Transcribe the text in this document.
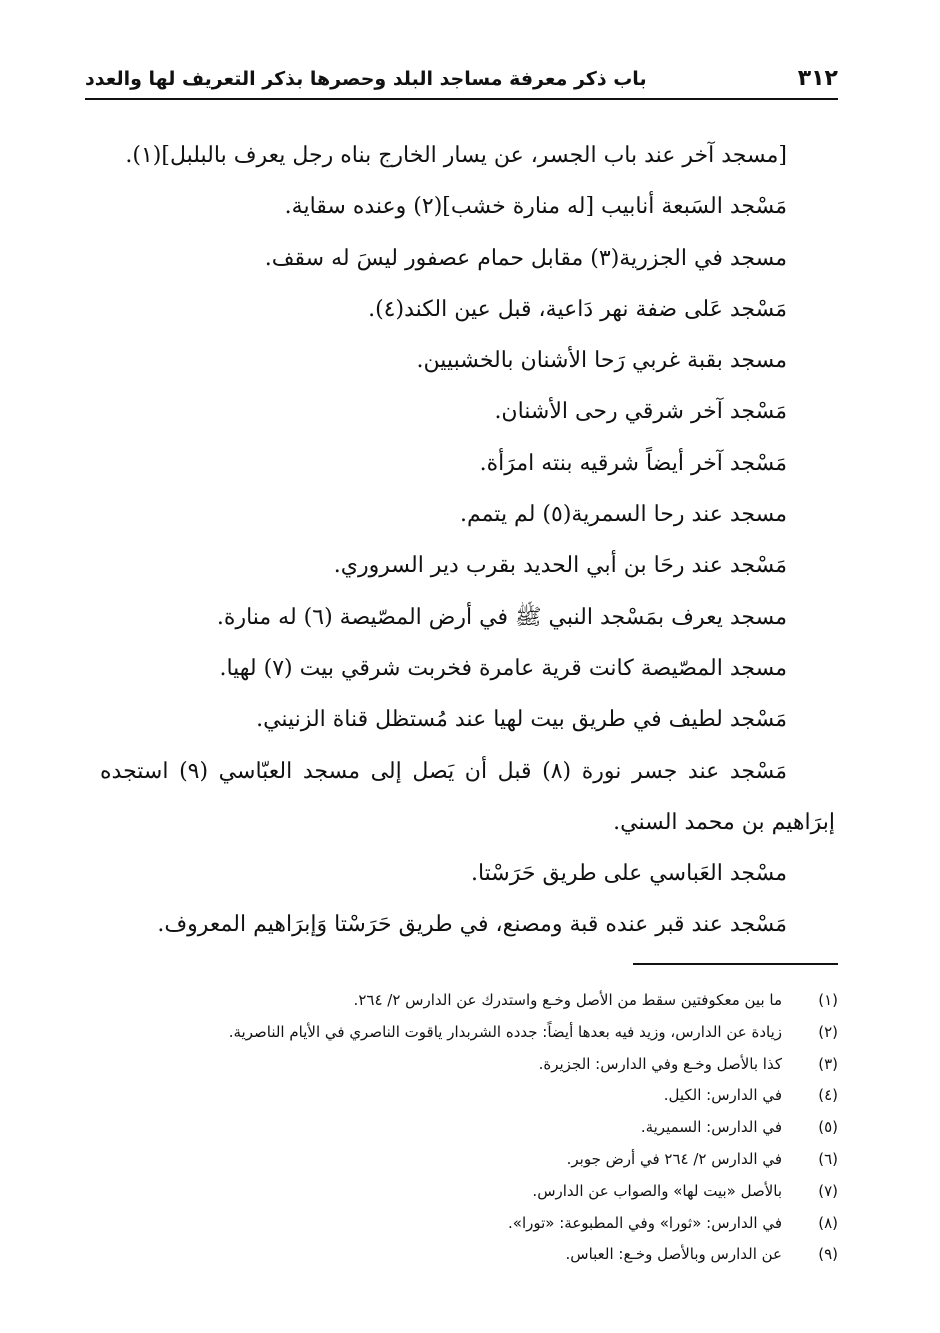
٣١٢
باب ذكر معرفة مساجد البلد وحصرها بذكر التعريف لها والعدد
[مسجد آخر عند باب الجسر، عن يسار الخارج بناه رجل يعرف بالبلبل](١).
مَسْجد السَبعة أنابيب [له منارة خشب](٢) وعنده سقاية.
مسجد في الجزرية(٣) مقابل حمام عصفور ليسَ له سقف.
مَسْجد عَلى ضفة نهر دَاعية، قبل عين الكند(٤).
مسجد بقبة غربي رَحا الأشنان بالخشبيين.
مَسْجد آخر شرقي رحى الأشنان.
مَسْجد آخر أيضاً شرقيه بنته امرَأة.
مسجد عند رحا السمرية(٥) لم يتمم.
مَسْجد عند رحَا بن أبي الحديد بقرب دير السروري.
مسجد يعرف بمَسْجد النبي ﷺ في أرض المصّيصة (٦) له منارة.
مسجد المصّيصة كانت قرية عامرة فخربت شرقي بيت (٧) لهيا.
مَسْجد لطيف في طريق بيت لهيا عند مُستظل قناة الزنيني.
مَسْجد عند جسر نورة (٨) قبل أن يَصل إلى مسجد العبّاسي (٩) استجده
إبرَاهيم بن محمد السني.
مسْجد العَباسي على طريق حَرَسْتا.
مَسْجد عند قبر عنده قبة ومصنع، في طريق حَرَسْتا وَإبرَاهيم المعروف.
(١)
ما بين معكوفتين سقط من الأصل وخـع واستدرك عن الدارس ٢/ ٢٦٤.
(٢)
زيادة عن الدارس، وزيد فيه بعدها أيضاً: جدده الشربدار ياقوت الناصري في الأيام الناصرية.
(٣)
كذا بالأصل وخـع وفي الدارس: الجزيرة.
(٤)
في الدارس: الكيل.
(٥)
في الدارس: السميرية.
(٦)
في الدارس ٢/ ٢٦٤ في أرض جوبر.
(٧)
بالأصل «بيت لها» والصواب عن الدارس.
(٨)
في الدارس: «ثورا» وفي المطبوعة: «تورا».
(٩)
عن الدارس وبالأصل وخـع: العباس.
